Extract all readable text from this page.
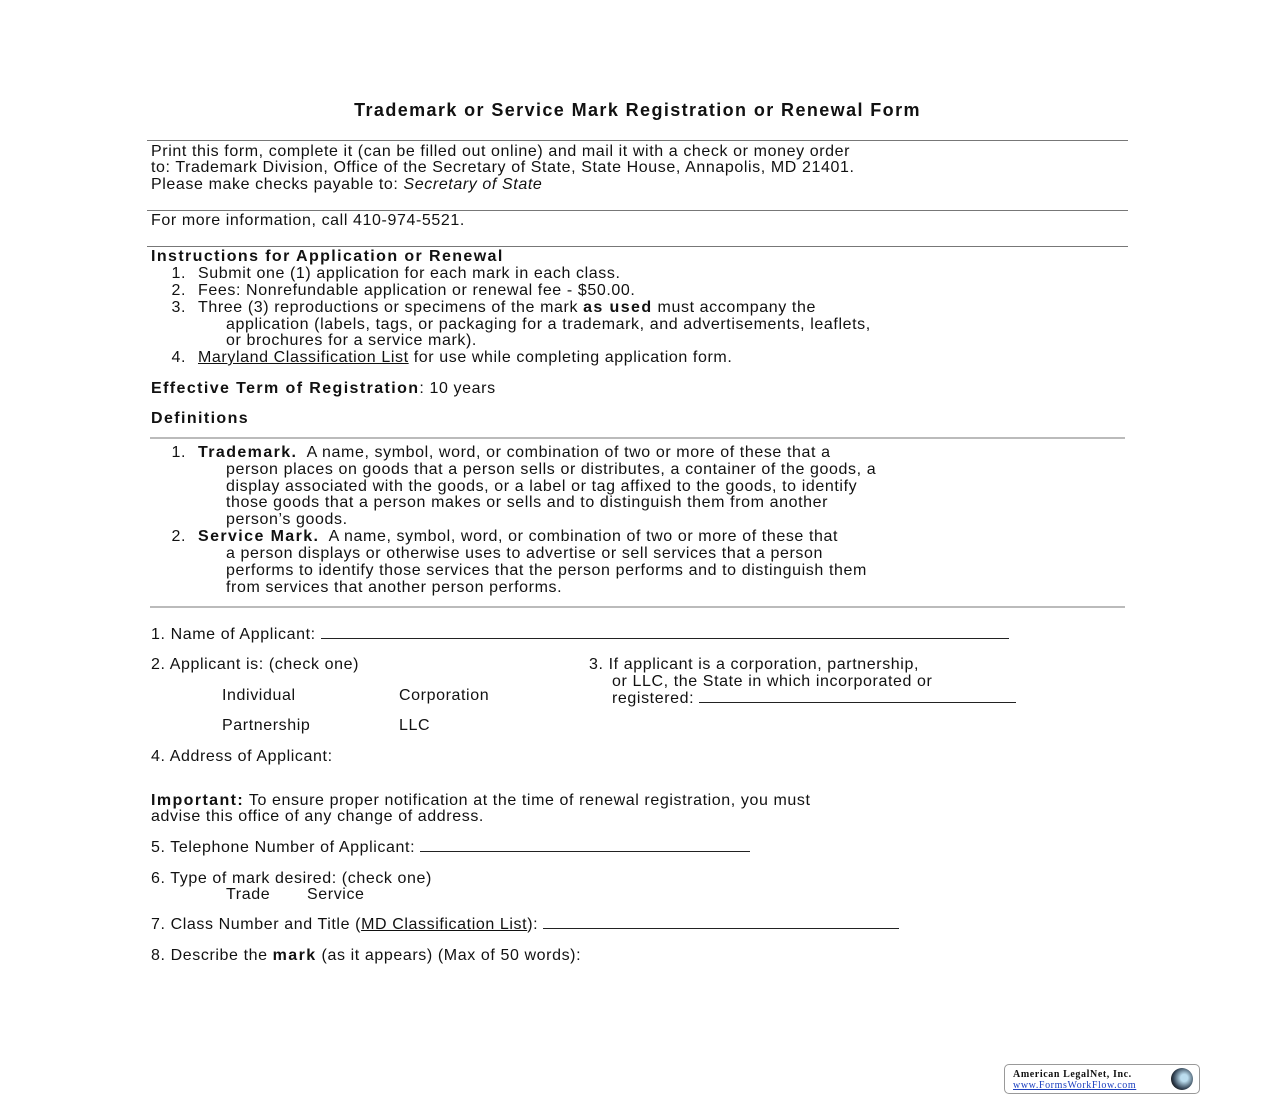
Trademark or Service Mark Registration or Renewal Form
Print this form, complete it (can be filled out online) and mail it with a check or money order
to: Trademark Division, Office of the Secretary of State, State House, Annapolis, MD 21401.
Please make checks payable to: Secretary of State
For more information, call 410-974-5521.
Instructions for Application or Renewal
1. Submit one (1) application for each mark in each class.
2. Fees: Nonrefundable application or renewal fee - $50.00.
3. Three (3) reproductions or specimens of the mark as used must accompany the
application (labels, tags, or packaging for a trademark, and advertisements, leaflets,
or brochures for a service mark).
4. Maryland Classification List for use while completing application form.
Effective Term of Registration: 10 years
Definitions
1. Trademark. A name, symbol, word, or combination of two or more of these that a
person places on goods that a person sells or distributes, a container of the goods, a
display associated with the goods, or a label or tag affixed to the goods, to identify
those goods that a person makes or sells and to distinguish them from another
person’s goods.
2. Service Mark. A name, symbol, word, or combination of two or more of these that
a person displays or otherwise uses to advertise or sell services that a person
performs to identify those services that the person performs and to distinguish them
from services that another person performs.
1. Name of Applicant:
2. Applicant is: (check one)
Individual	Corporation
Partnership	LLC
3. If applicant is a corporation, partnership,
or LLC, the State in which incorporated or
registered:
4. Address of Applicant:
Important: To ensure proper notification at the time of renewal registration, you must
advise this office of any change of address.
5. Telephone Number of Applicant:
6. Type of mark desired: (check one)
Trade Service
7. Class Number and Title (MD Classification List):
8. Describe the mark (as it appears) (Max of 50 words):
American LegalNet, Inc.
www.FormsWorkFlow.com
